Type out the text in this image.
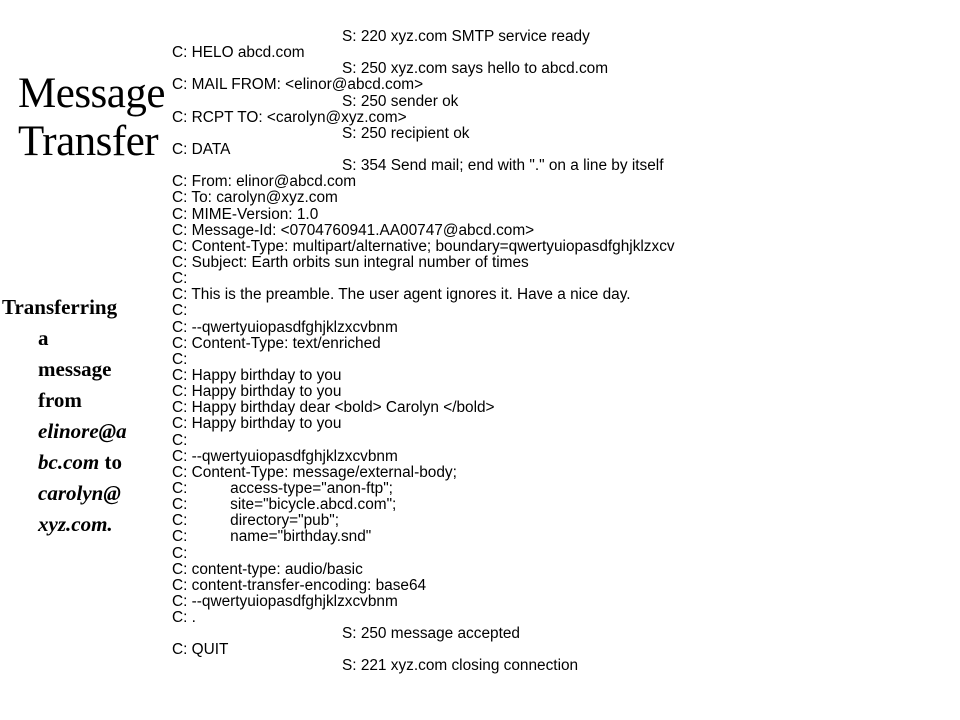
Message
Transfer
Transferring
a
message
from
elinore@a
bc.com to
carolyn@
xyz.com.
S: 220 xyz.com SMTP service ready
C: HELO abcd.com
S: 250 xyz.com says hello to abcd.com
C: MAIL FROM: <elinor@abcd.com>
S: 250 sender ok
C: RCPT TO: <carolyn@xyz.com>
S: 250 recipient ok
C: DATA
S: 354 Send mail; end with "." on a line by itself
C: From: elinor@abcd.com
C: To: carolyn@xyz.com
C: MIME-Version: 1.0
C: Message-Id: <0704760941.AA00747@abcd.com>
C: Content-Type: multipart/alternative; boundary=qwertyuiopasdfghjklzxcv
C: Subject: Earth orbits sun integral number of times
C:
C: This is the preamble. The user agent ignores it. Have a nice day.
C:
C: --qwertyuiopasdfghjklzxcvbnm
C: Content-Type: text/enriched
C:
C: Happy birthday to you
C: Happy birthday to you
C: Happy birthday dear <bold> Carolyn </bold>
C: Happy birthday to you
C:
C: --qwertyuiopasdfghjklzxcvbnm
C: Content-Type: message/external-body;
C:          access-type="anon-ftp";
C:          site="bicycle.abcd.com";
C:          directory="pub";
C:          name="birthday.snd"
C:
C: content-type: audio/basic
C: content-transfer-encoding: base64
C: --qwertyuiopasdfghjklzxcvbnm
C: .
S: 250 message accepted
C: QUIT
S: 221 xyz.com closing connection
